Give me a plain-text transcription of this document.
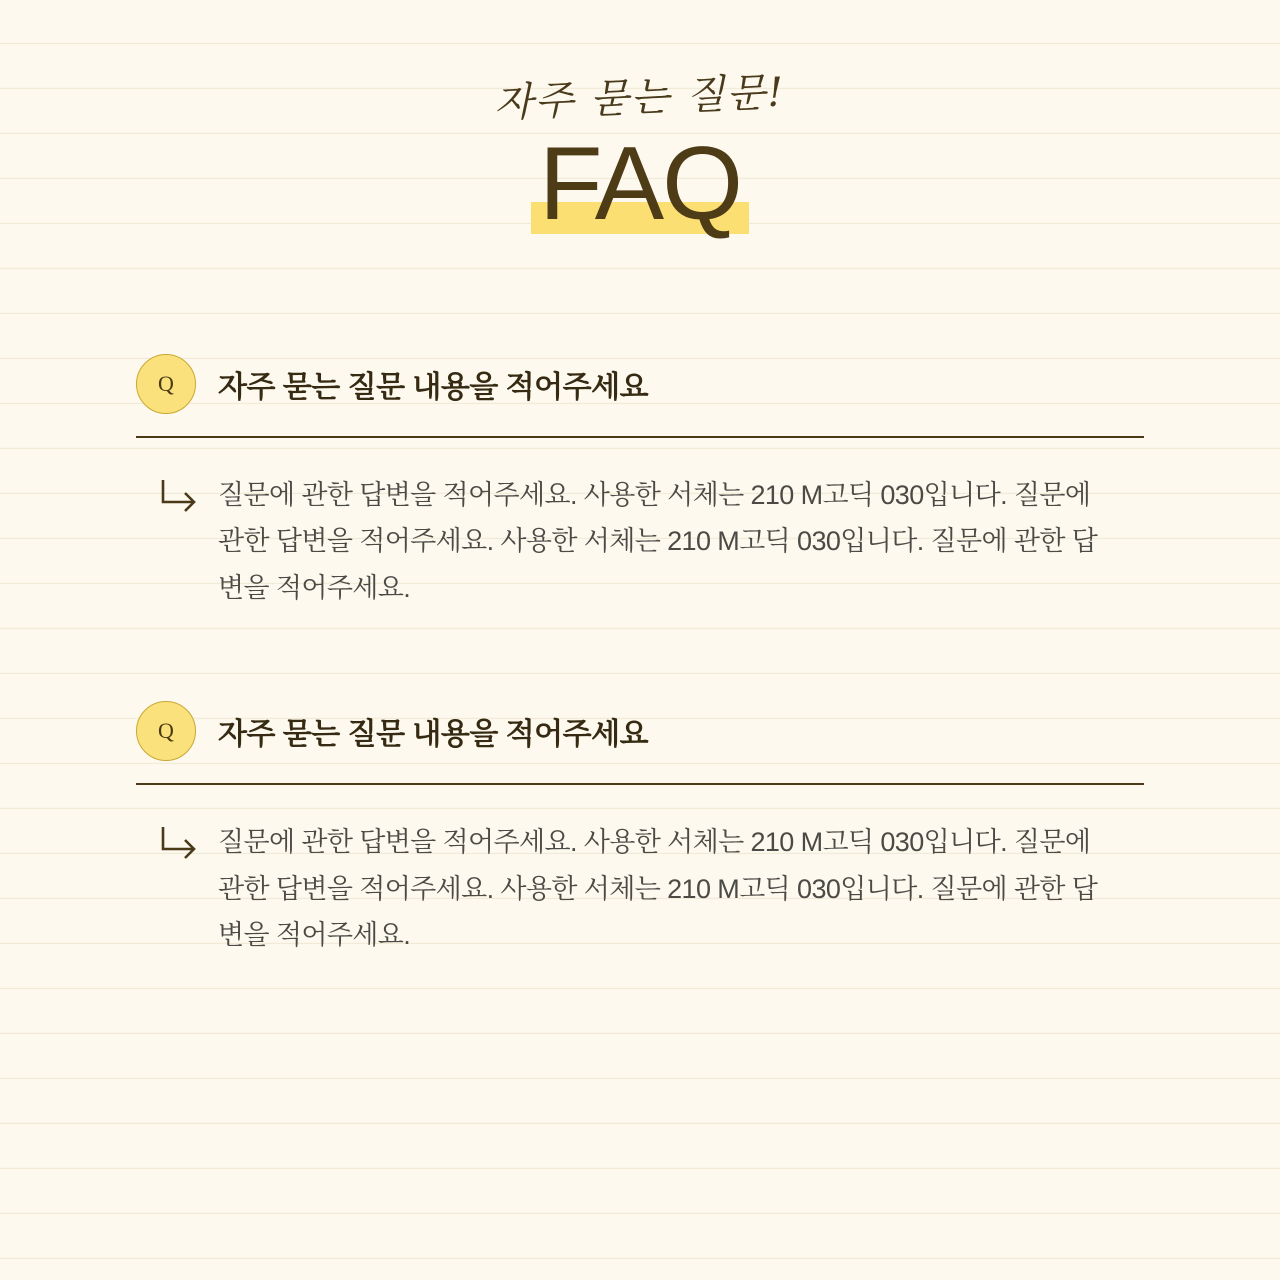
자주 묻는 질문!
FAQ
Q	자주 묻는 질문 내용을 적어주세요
질문에 관한 답변을 적어주세요. 사용한 서체는 210 M고딕 030입니다. 질문에 관한 답변을 적어주세요. 사용한 서체는 210 M고딕 030입니다. 질문에 관한 답변을 적어주세요.
Q	자주 묻는 질문 내용을 적어주세요
질문에 관한 답변을 적어주세요. 사용한 서체는 210 M고딕 030입니다. 질문에 관한 답변을 적어주세요. 사용한 서체는 210 M고딕 030입니다. 질문에 관한 답변을 적어주세요.
